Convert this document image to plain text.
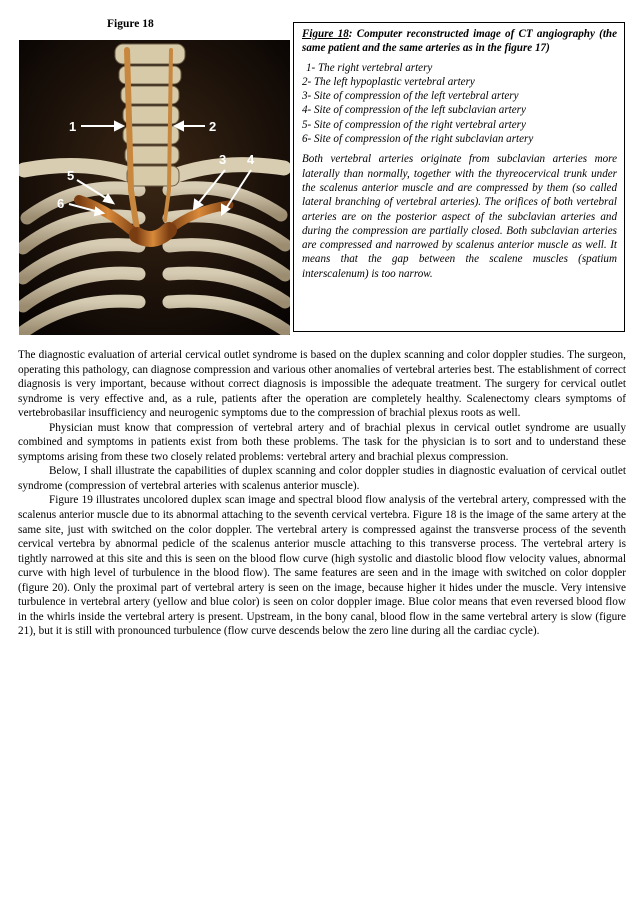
Figure 18
1	2
3 4
5
6

Figure 18: Computer reconstructed image of CT angiography (the same patient and the same arteries as in the figure 17)

1- The right vertebral artery
2- The left hypoplastic vertebral artery
3- Site of compression of the left vertebral artery
4- Site of compression of the left subclavian artery
5- Site of compression of the right vertebral artery
6- Site of compression of the right subclavian artery

Both vertebral arteries originate from subclavian arteries more laterally than normally, together with the thyreocervical trunk under the scalenus anterior muscle and are compressed by them (so called lateral branching of vertebral arteries). The orifices of both vertebral arteries are on the posterior aspect of the subclavian arteries and during the compression are partially closed. Both subclavian arteries are compressed and narrowed by scalenus anterior muscle as well. It means that the gap between the scalene muscles (spatium interscalenum) is too narrow.

The diagnostic evaluation of arterial cervical outlet syndrome is based on the duplex scanning and color doppler studies. The surgeon, operating this pathology, can diagnose compression and various other anomalies of vertebral arteries best. The establishment of correct diagnosis is very important, because without correct diagnosis is impossible the adequate treatment. The surgery for cervical outlet syndrome is very effective and, as a rule, patients after the operation are completely healthy. Scalenectomy clears symptoms of vertebrobasilar insufficiency and neurogenic symptoms due to the compression of brachial plexus roots as well.

Physician must know that compression of vertebral artery and of brachial plexus in cervical outlet syndrome are usually combined and symptoms in patients exist from both these problems. The task for the physician is to sort and to understand these symptoms arising from these two closely related problems: vertebral artery and brachial plexus compression.

Below, I shall illustrate the capabilities of duplex scanning and color doppler studies in diagnostic evaluation of cervical outlet syndrome (compression of vertebral arteries with scalenus anterior muscle).

Figure 19 illustrates uncolored duplex scan image and spectral blood flow analysis of the vertebral artery, compressed with the scalenus anterior muscle due to its abnormal attaching to the seventh cervical vertebra. Figure 18 is the image of the same artery at the same site, just with switched on the color doppler. The vertebral artery is compressed against the transverse process of the seventh cervical vertebra by abnormal pedicle of the scalenus anterior muscle attaching to this transverse process. The vertebral artery is tightly narrowed at this site and this is seen on the blood flow curve (high systolic and diastolic blood flow velocity values, abnormal curve with high level of turbulence in the blood flow). The same features are seen and in the image with switched on color doppler (figure 20). Only the proximal part of vertebral artery is seen on the image, because higher it hides under the muscle. Very intensive turbulence in vertebral artery (yellow and blue color) is seen on color doppler image. Blue color means that even reversed blood flow in the whirls inside the vertebral artery is present. Upstream, in the bony canal, blood flow in the same vertebral artery is slow (figure 21), but it is still with pronounced turbulence (flow curve descends below the zero line during all the cardiac cycle).
